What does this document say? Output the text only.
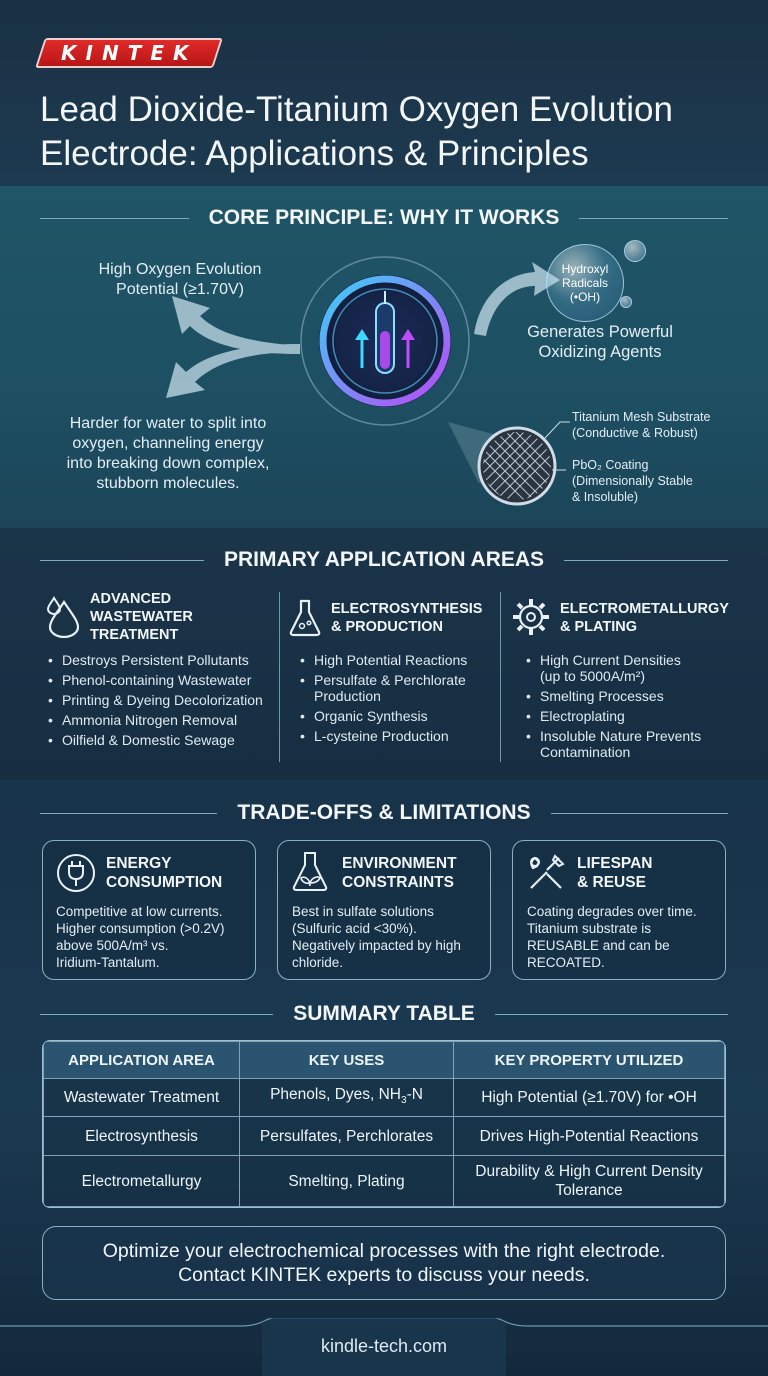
KINTEK
Lead Dioxide-Titanium Oxygen Evolution
Electrode: Applications & Principles
CORE PRINCIPLE: WHY IT WORKS
High Oxygen Evolution
Potential (≥1.70V)
Harder for water to split into
oxygen, channeling energy
into breaking down complex,
stubborn molecules.
Hydroxyl
Radicals
(•OH)
Generates Powerful
Oxidizing Agents
Titanium Mesh Substrate
(Conductive & Robust)
PbO₂ Coating
(Dimensionally Stable
& Insoluble)
PRIMARY APPLICATION AREAS
ADVANCED
WASTEWATER
TREATMENT
• Destroys Persistent Pollutants
• Phenol-containing Wastewater
• Printing & Dyeing Decolorization
• Ammonia Nitrogen Removal
• Oilfield & Domestic Sewage
ELECTROSYNTHESIS
& PRODUCTION
• High Potential Reactions
• Persulfate & Perchlorate
Production
• Organic Synthesis
• L-cysteine Production
ELECTROMETALLURGY
& PLATING
• High Current Densities
(up to 5000A/m²)
• Smelting Processes
• Electroplating
• Insoluble Nature Prevents
Contamination
TRADE-OFFS & LIMITATIONS
ENERGY
CONSUMPTION
Competitive at low currents.
Higher consumption (>0.2V)
above 500A/m³ vs.
Iridium-Tantalum.
ENVIRONMENT
CONSTRAINTS
Best in sulfate solutions
(Sulfuric acid <30%).
Negatively impacted by high
chloride.
LIFESPAN
& REUSE
Coating degrades over time.
Titanium substrate is
REUSABLE and can be
RECOATED.
SUMMARY TABLE
APPLICATION AREA	KEY USES	KEY PROPERTY UTILIZED
Wastewater Treatment	Phenols, Dyes, $NH_3-N$	High Potential (≥1.70V) for •OH
Electrosynthesis	Persulfates, Perchlorates	Drives High-Potential Reactions
Electrometallurgy	Smelting, Plating	Durability & High Current Density
Tolerance
Optimize your electrochemical processes with the right electrode.
Contact KINTEK experts to discuss your needs.
kindle-tech.com
